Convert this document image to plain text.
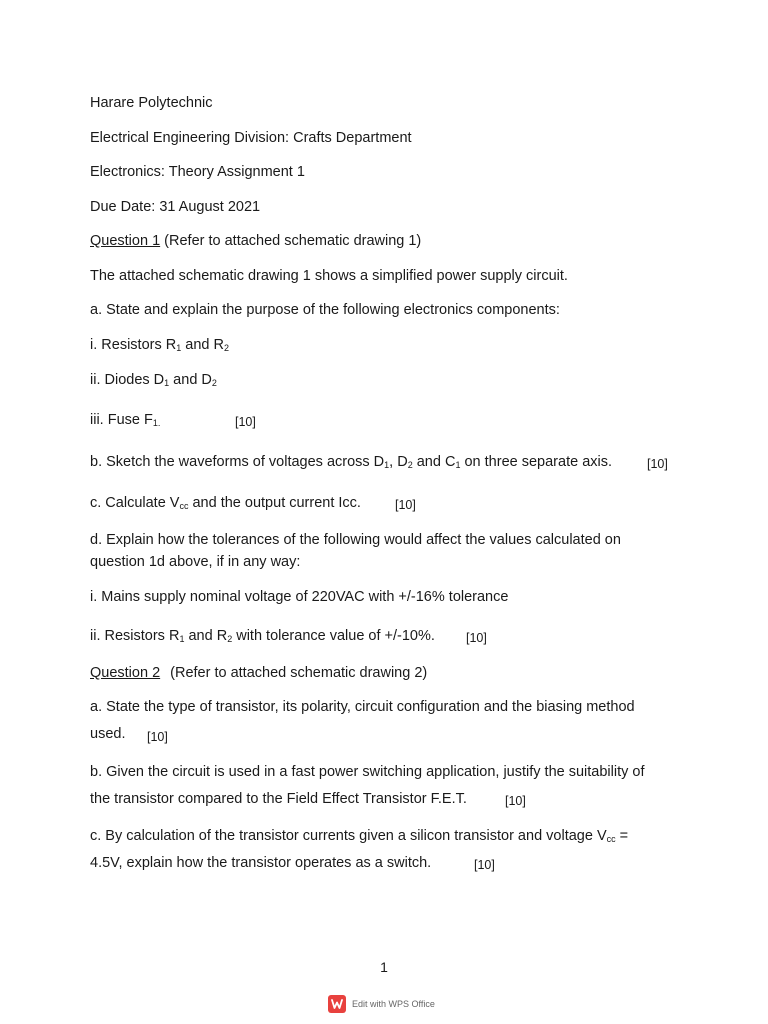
Harare Polytechnic
Electrical Engineering Division: Crafts Department
Electronics: Theory Assignment 1
Due Date: 31 August 2021
Question 1 (Refer to attached schematic drawing 1)
The attached schematic drawing 1 shows a simplified power supply circuit.
a. State and explain the purpose of the following electronics components:
i. Resistors $R_1$ and $R_2$
ii. Diodes $D_1$ and $D_2$
iii. Fuse $F_{1.}$	[10]
b. Sketch the waveforms of voltages across $D_1$, $D_2$ and $C_1$ on three separate axis.	[10]
c. Calculate $V_{cc}$ and the output current Icc.	[10]
d. Explain how the tolerances of the following would affect the values calculated on
question 1d above, if in any way:
i. Mains supply nominal voltage of 220VAC with +/-16% tolerance
ii. Resistors $R_1$ and $R_2$ with tolerance value of +/-10%. [10]
Question 2 (Refer to attached schematic drawing 2)
a. State the type of transistor, its polarity, circuit configuration and the biasing method
used. [10]
b. Given the circuit is used in a fast power switching application, justify the suitability of
the transistor compared to the Field Effect Transistor F.E.T.	[10]
c. By calculation of the transistor currents given a silicon transistor and voltage $V_{cc}$ =
4.5V, explain how the transistor operates as a switch.	[10]
1
Edit with WPS Office
